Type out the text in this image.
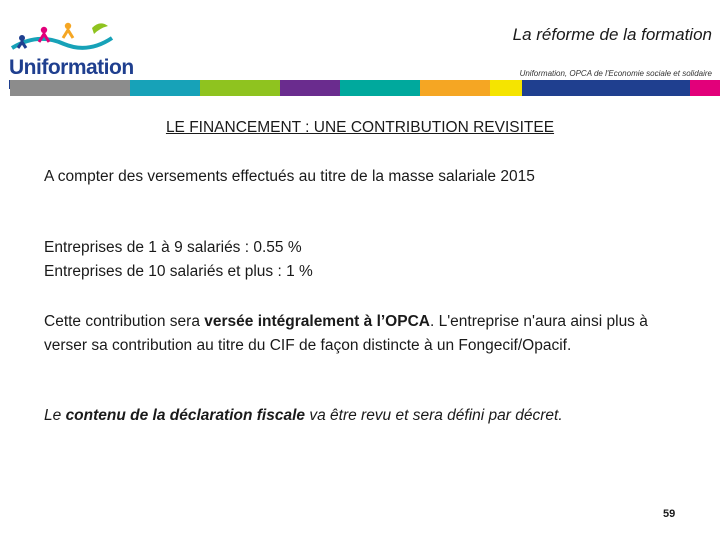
Uniformation
La réforme de la formation
Uniformation, OPCA de l'Economie sociale et solidaire
LE FINANCEMENT : UNE CONTRIBUTION REVISITEE
A compter des versements effectués au titre de la masse salariale 2015
Entreprises de 1 à 9 salariés : 0.55 %
Entreprises de 10 salariés et plus : 1 %
Cette contribution sera versée intégralement à l’OPCA. L'entreprise n'aura ainsi plus à verser sa contribution au titre du CIF de façon distincte à un Fongecif/Opacif.
Le contenu de la déclaration fiscale va être revu et sera défini par décret.
59
